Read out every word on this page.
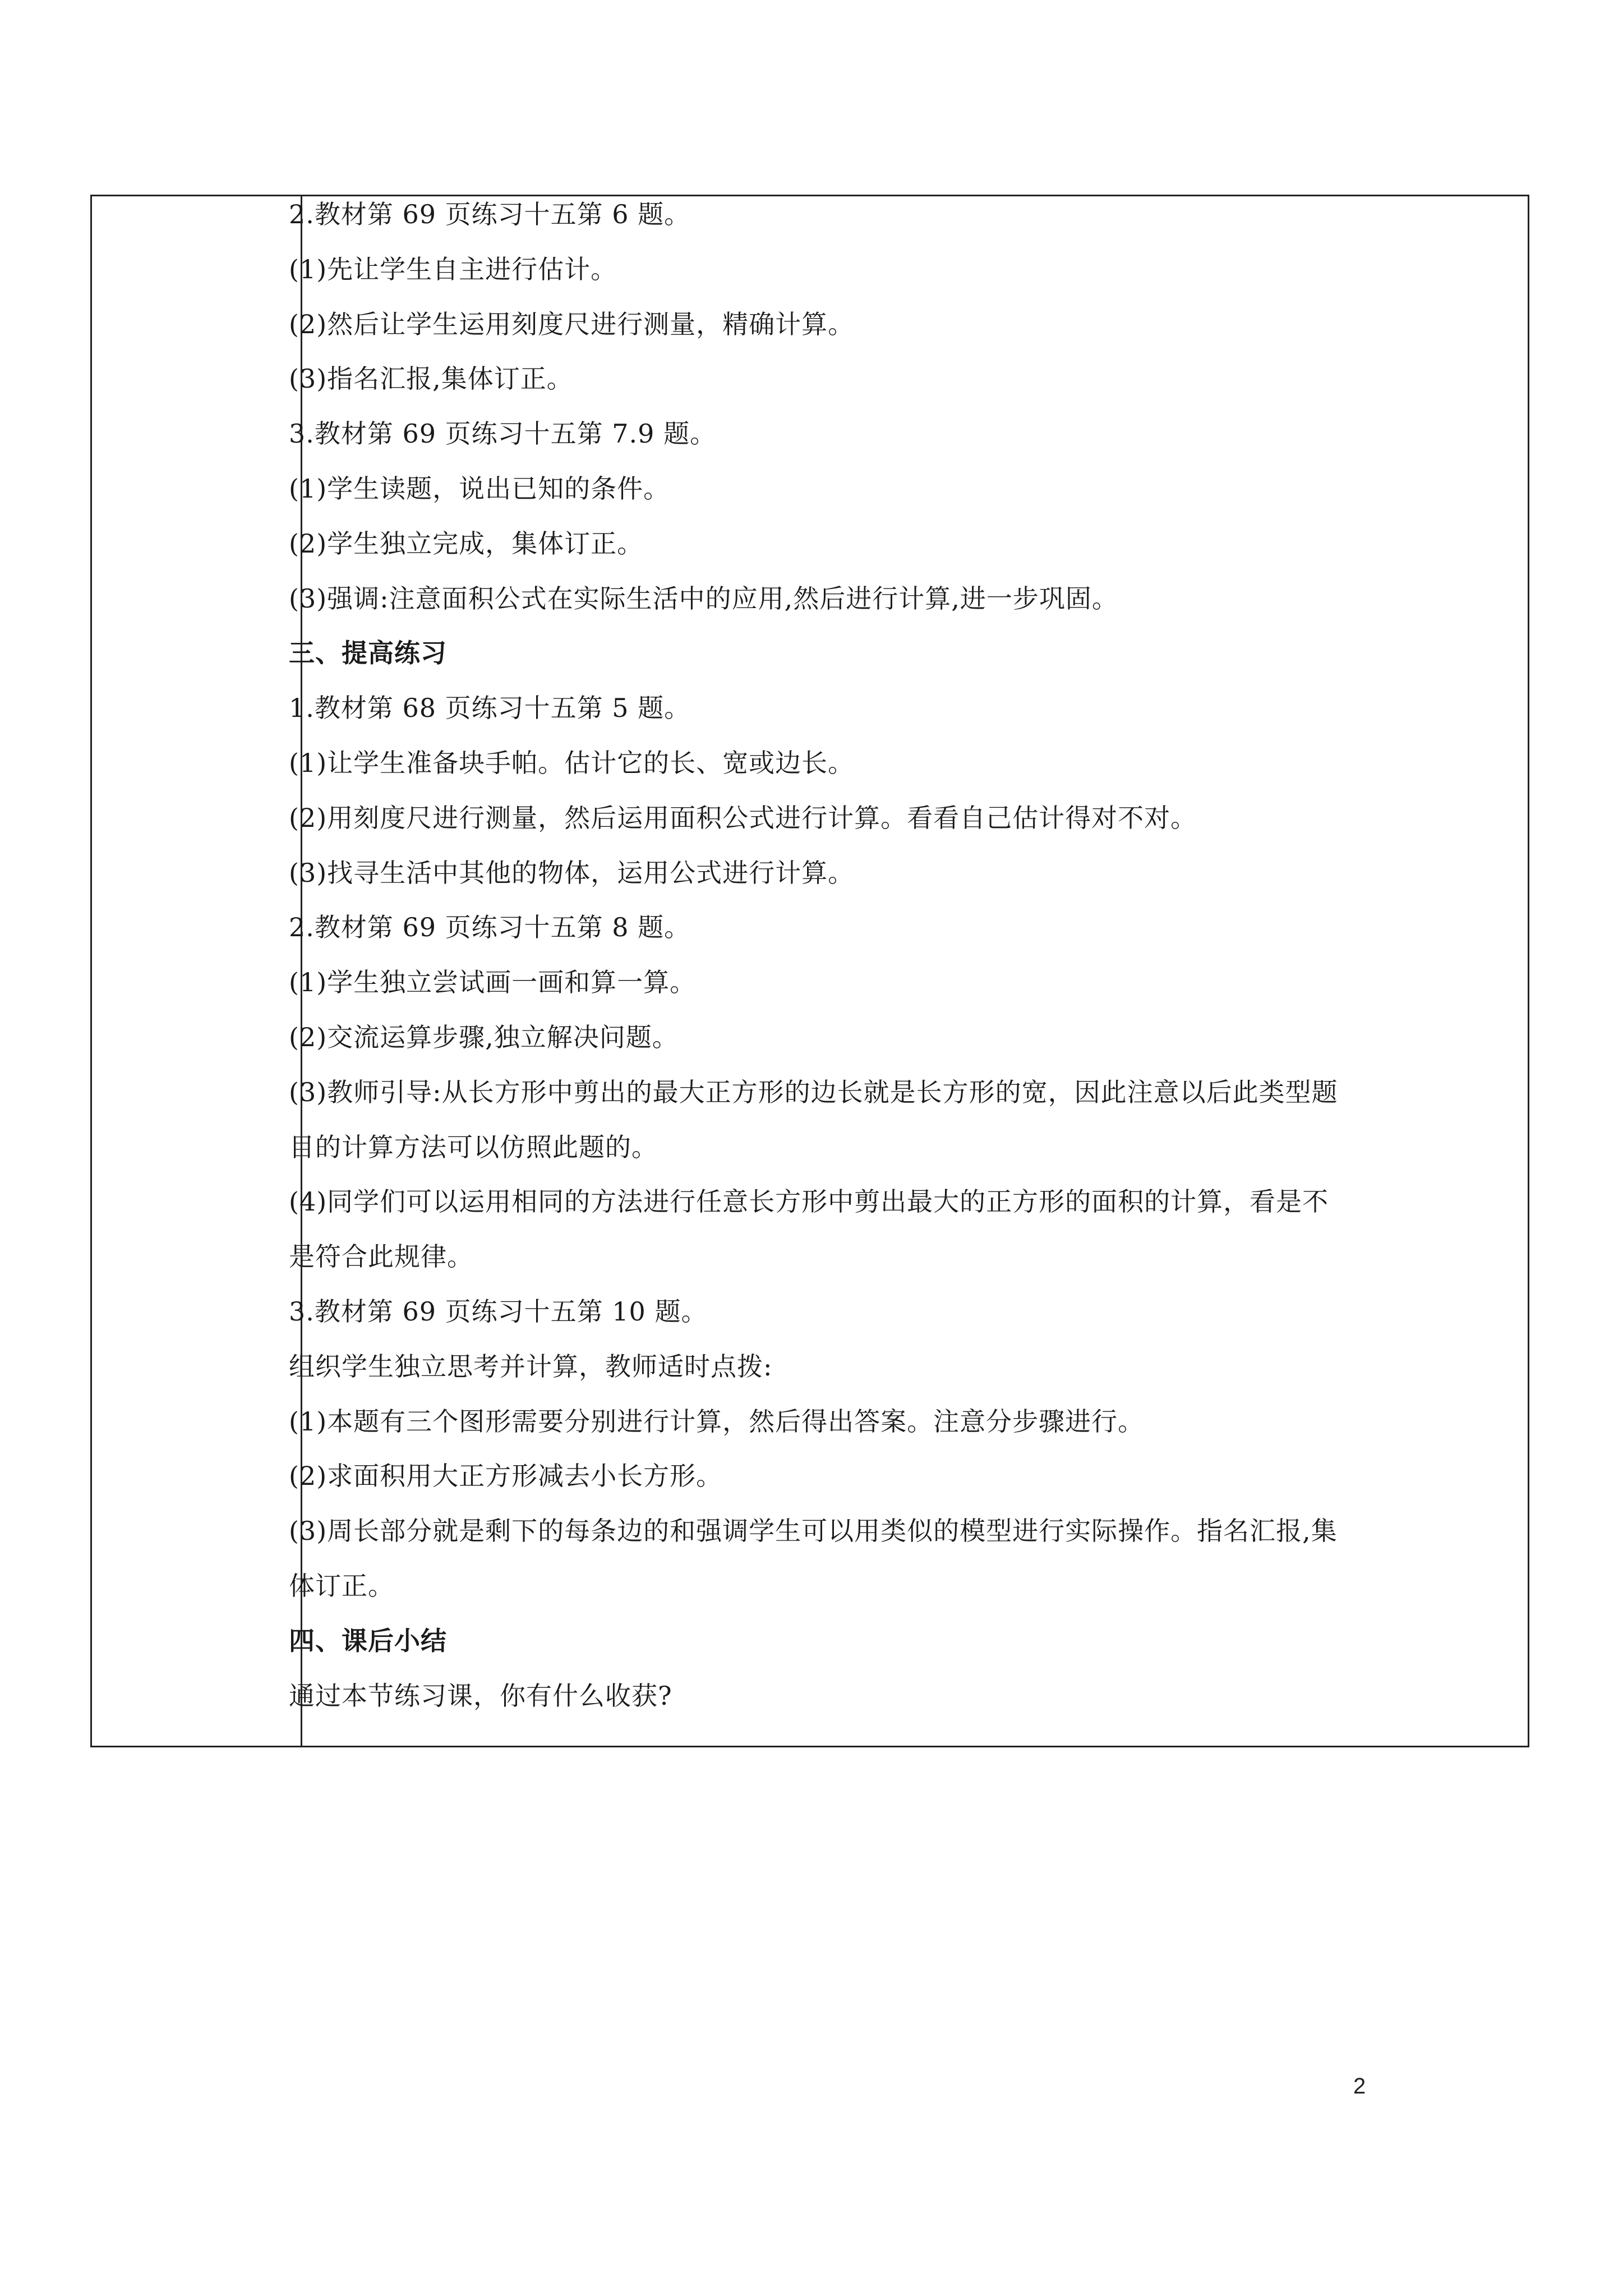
2.教材第 69 页练习十五第 6 题。
(1)先让学生自主进行估计。
(2)然后让学生运用刻度尺进行测量，精确计算。
(3)指名汇报,集体订正。
3.教材第 69 页练习十五第 7.9 题。
(1)学生读题，说出已知的条件。
(2)学生独立完成，集体订正。
(3)强调:注意面积公式在实际生活中的应用,然后进行计算,进一步巩固。
三、提高练习
1.教材第 68 页练习十五第 5 题。
(1)让学生准备块手帕。估计它的长、宽或边长。
(2)用刻度尺进行测量，然后运用面积公式进行计算。看看自己估计得对不对。
(3)找寻生活中其他的物体，运用公式进行计算。
2.教材第 69 页练习十五第 8 题。
(1)学生独立尝试画一画和算一算。
(2)交流运算步骤,独立解决问题。
(3)教师引导:从长方形中剪出的最大正方形的边长就是长方形的宽，因此注意以后此类型题
目的计算方法可以仿照此题的。
(4)同学们可以运用相同的方法进行任意长方形中剪出最大的正方形的面积的计算，看是不
是符合此规律。
3.教材第 69 页练习十五第 10 题。
组织学生独立思考并计算，教师适时点拨:
(1)本题有三个图形需要分别进行计算，然后得出答案。注意分步骤进行。
(2)求面积用大正方形减去小长方形。
(3)周长部分就是剩下的每条边的和强调学生可以用类似的模型进行实际操作。指名汇报,集
体订正。
四、课后小结
通过本节练习课，你有什么收获?
2
